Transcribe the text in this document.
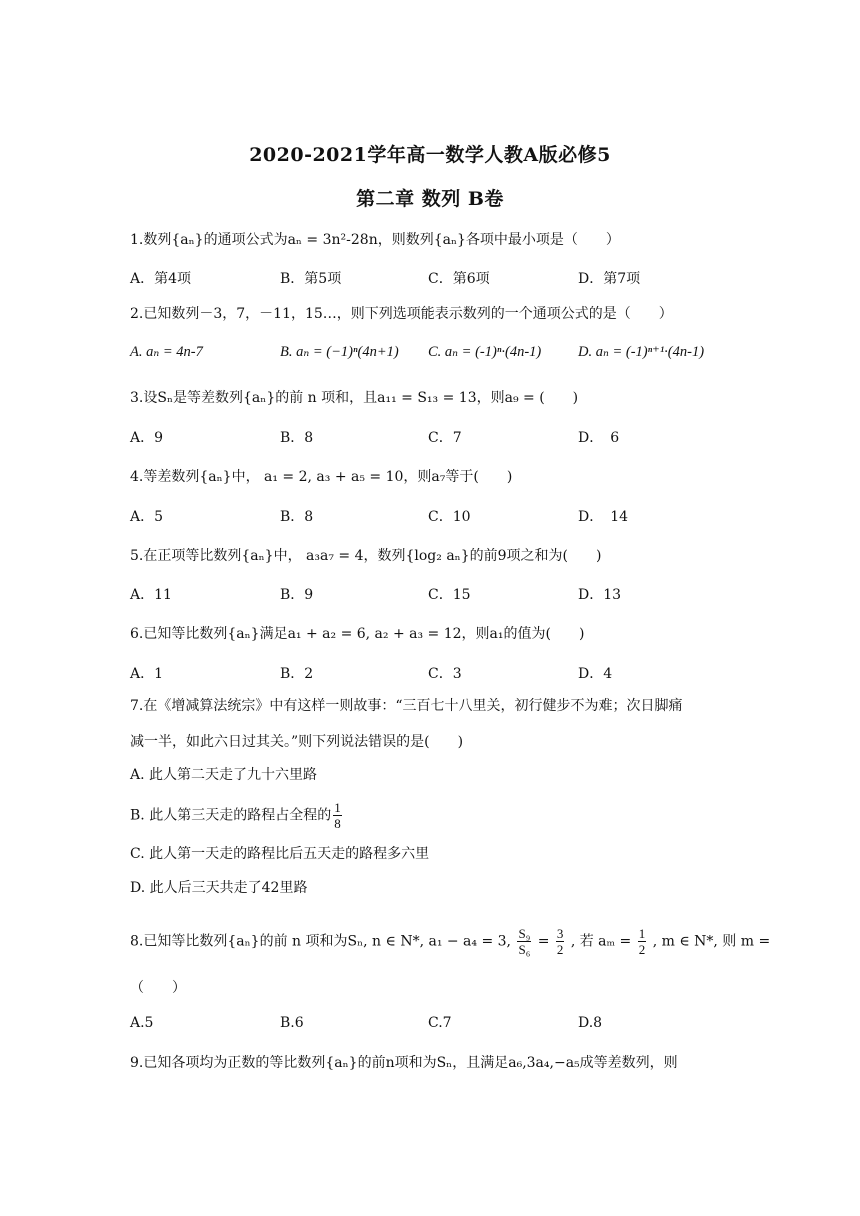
2020-2021学年高一数学人教A版必修5
第二章 数列 B卷
1.数列{aₙ}的通项公式为aₙ = 3n²-28n，则数列{aₙ}各项中最小项是（　　）
A．第4项	B．第5项	C．第6项	D．第7项
2.已知数列－3，7，－11，15…，则下列选项能表示数列的一个通项公式的是（　　）
A. aₙ = 4n-7	B. aₙ = (−1)ⁿ(4n+1) C. aₙ = (-1)ⁿ·(4n-1)	D. aₙ = (-1)ⁿ⁺¹·(4n-1)
3.设Sₙ是等差数列{aₙ}的前 n 项和，且a₁₁ = S₁₃ = 13，则a₉ = (　　)
A．9	B．8	C．7	D．　6
4.等差数列{aₙ}中， a₁ = 2, a₃ + a₅ = 10，则a₇等于(　　)
A．5	B．8	C．10	D．　14
5.在正项等比数列{aₙ}中， a₃a₇ = 4，数列{log₂ aₙ}的前9项之和为(　　)
A．11	B．9	C．15	D．13
6.已知等比数列{aₙ}满足a₁ + a₂ = 6, a₂ + a₃ = 12，则a₁的值为(　　)
A．1	B．2	C．3	D．4
7.在《增减算法统宗》中有这样一则故事：“三百七十八里关，初行健步不为难；次日脚痛
减一半，如此六日过其关。”则下列说法错误的是(　　)
A. 此人第二天走了九十六里路
B. 此人第三天走的路程占全程的 $\frac{1}{8}$
C. 此人第一天走的路程比后五天走的路程多六里
D. 此人后三天共走了42里路
8.已知等比数列{aₙ}的前 n 项和为Sₙ, n ∈ N*, a₁ − a₄ = 3, $\frac{\text{S₉}}{\text{S₆}} = \frac{3}{2}$ , 若 $a_m = \frac{1}{2}$ , m ∈ N*, 则 m =
（　　）
A.5	B.6	C.7	D.8
9.已知各项均为正数的等比数列{aₙ}的前n项和为Sₙ，且满足a₆,3a₄,−a₅成等差数列，则
